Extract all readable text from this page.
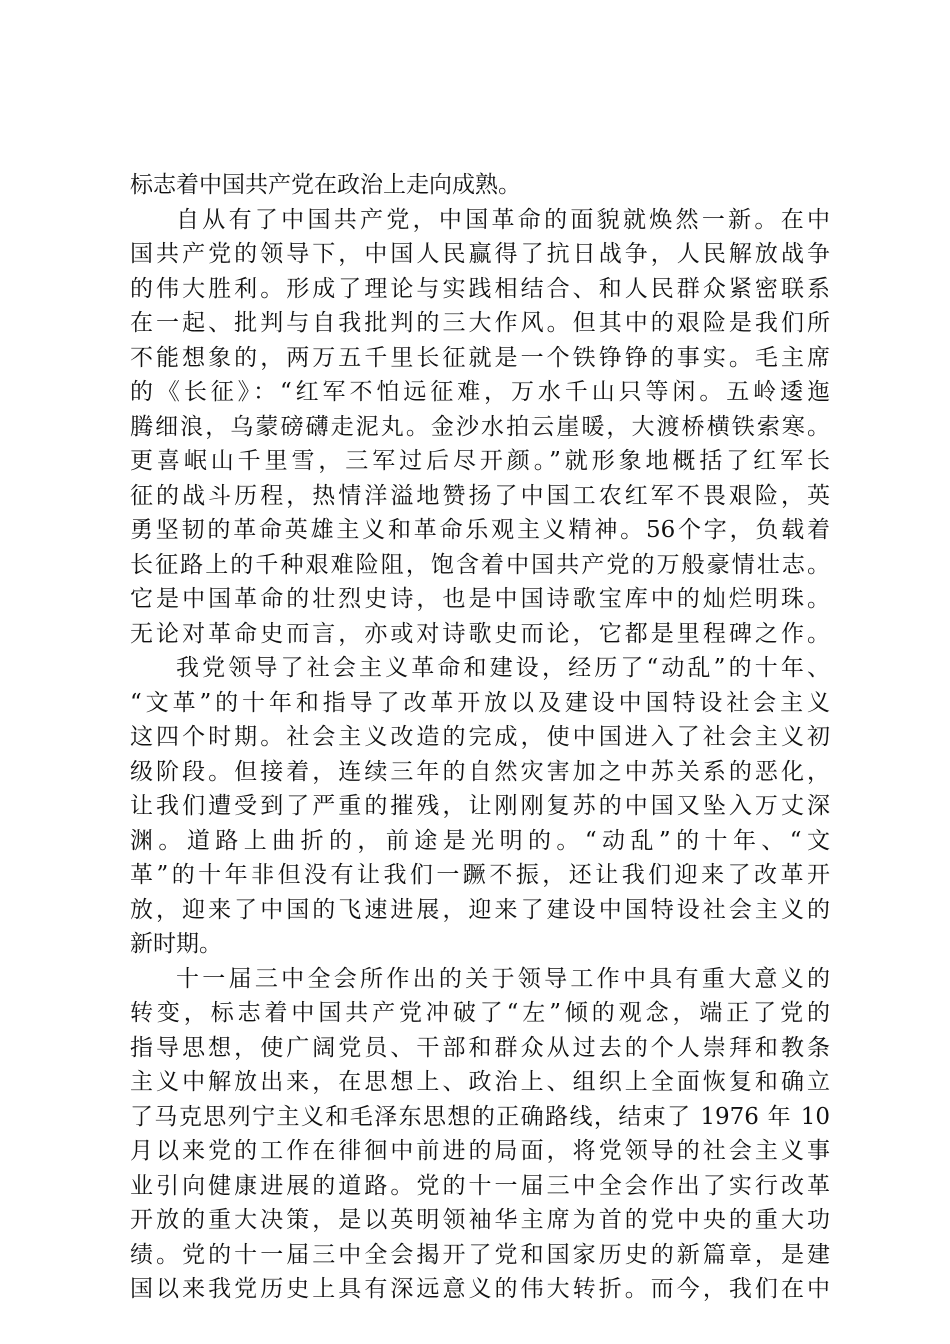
标志着中国共产党在政治上走向成熟。
自从有了中国共产党，中国革命的面貌就焕然一新。在中
国共产党的领导下，中国人民赢得了抗日战争，人民解放战争
的伟大胜利。形成了理论与实践相结合、和人民群众紧密联系
在一起、批判与自我批判的三大作风。但其中的艰险是我们所
不能想象的，两万五千里长征就是一个铁铮铮的事实。毛主席
的《长征》：“红军不怕远征难，万水千山只等闲。五岭逶迤
腾细浪，乌蒙磅礴走泥丸。金沙水拍云崖暖，大渡桥横铁索寒。
更喜岷山千里雪，三军过后尽开颜。”就形象地概括了红军长
征的战斗历程，热情洋溢地赞扬了中国工农红军不畏艰险，英
勇坚韧的革命英雄主义和革命乐观主义精神。56个字，负载着
长征路上的千种艰难险阻，饱含着中国共产党的万般豪情壮志。
它是中国革命的壮烈史诗，也是中国诗歌宝库中的灿烂明珠。
无论对革命史而言，亦或对诗歌史而论，它都是里程碑之作。
我党领导了社会主义革命和建设，经历了“动乱”的十年、
“文革”的十年和指导了改革开放以及建设中国特设社会主义
这四个时期。社会主义改造的完成，使中国进入了社会主义初
级阶段。但接着，连续三年的自然灾害加之中苏关系的恶化，
让我们遭受到了严重的摧残，让刚刚复苏的中国又坠入万丈深
渊。道路上曲折的，前途是光明的。“动乱”的十年、“文
革”的十年非但没有让我们一蹶不振，还让我们迎来了改革开
放，迎来了中国的飞速进展，迎来了建设中国特设社会主义的
新时期。
十一届三中全会所作出的关于领导工作中具有重大意义的
转变，标志着中国共产党冲破了“左”倾的观念，端正了党的
指导思想，使广阔党员、干部和群众从过去的个人崇拜和教条
主义中解放出来，在思想上、政治上、组织上全面恢复和确立
了马克思列宁主义和毛泽东思想的正确路线，结束了 1976 年 10
月以来党的工作在徘徊中前进的局面，将党领导的社会主义事
业引向健康进展的道路。党的十一届三中全会作出了实行改革
开放的重大决策，是以英明领袖华主席为首的党中央的重大功
绩。党的十一届三中全会揭开了党和国家历史的新篇章，是建
国以来我党历史上具有深远意义的伟大转折。而今，我们在中
